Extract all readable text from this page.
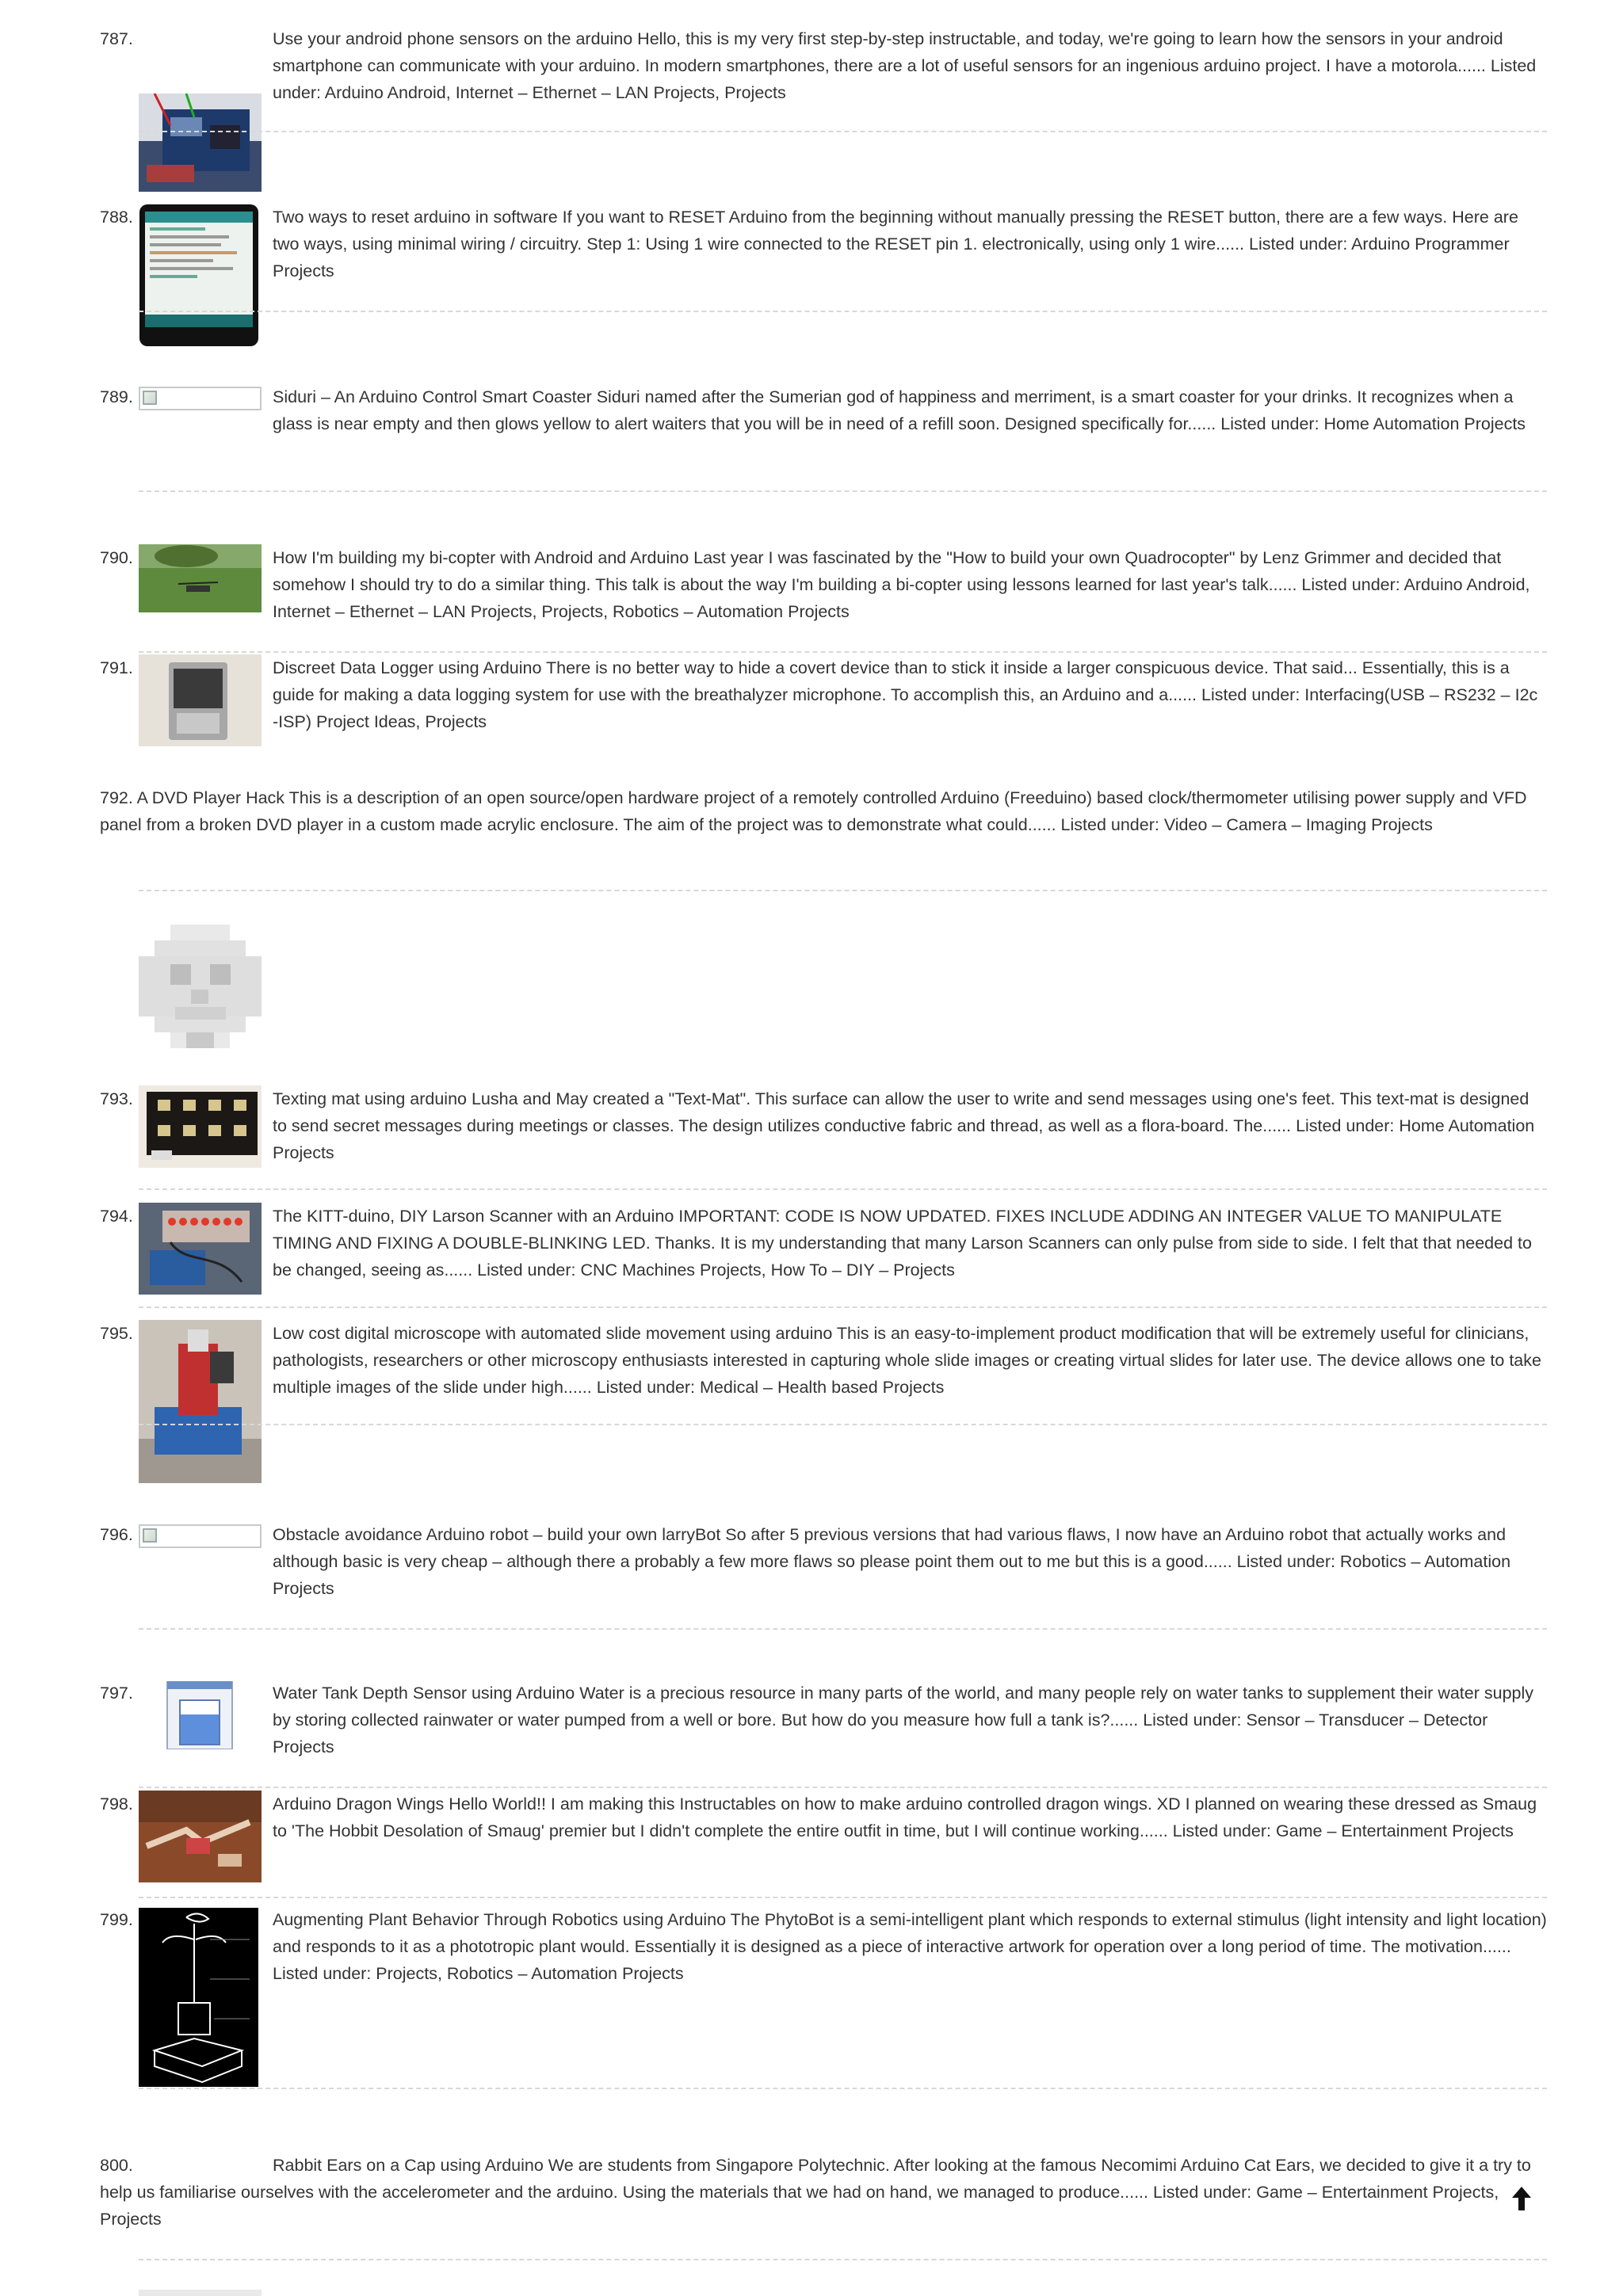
787.	Use your android phone sensors on the arduino Hello, this is my very first step-by-step instructable, and today, we're going to learn how the sensors in your android smartphone can communicate with your arduino. In modern smartphones, there are a lot of useful sensors for an ingenious arduino project. I have a motorola...... Listed under: Arduino Android, Internet – Ethernet – LAN Projects, Projects

788.	Two ways to reset arduino in software If you want to RESET Arduino from the beginning without manually pressing the RESET button, there are a few ways. Here are two ways, using minimal wiring / circuitry. Step 1: Using 1 wire connected to the RESET pin 1. electronically, using only 1 wire...... Listed under: Arduino Programmer Projects

789.	Siduri – An Arduino Control Smart Coaster Siduri named after the Sumerian god of happiness and merriment, is a smart coaster for your drinks. It recognizes when a glass is near empty and then glows yellow to alert waiters that you will be in need of a refill soon. Designed specifically for...... Listed under: Home Automation Projects

790.	How I'm building my bi-copter with Android and Arduino Last year I was fascinated by the "How to build your own Quadrocopter" by Lenz Grimmer and decided that somehow I should try to do a similar thing. This talk is about the way I'm building a bi-copter using lessons learned for last year's talk...... Listed under: Arduino Android, Internet – Ethernet – LAN Projects, Projects, Robotics – Automation Projects

791.	Discreet Data Logger using Arduino There is no better way to hide a covert device than to stick it inside a larger conspicuous device. That said... Essentially, this is a guide for making a data logging system for use with the breathalyzer microphone. To accomplish this, an Arduino and a...... Listed under: Interfacing(USB – RS232 – I2c -ISP) Project Ideas, Projects

792. A DVD Player Hack This is a description of an open source/open hardware project of a remotely controlled Arduino (Freeduino) based clock/thermometer utilising power supply and VFD panel from a broken DVD player in a custom made acrylic enclosure. The aim of the project was to demonstrate what could...... Listed under: Video – Camera – Imaging Projects

793.	Texting mat using arduino Lusha and May created a "Text-Mat". This surface can allow the user to write and send messages using one's feet. This text-mat is designed to send secret messages during meetings or classes. The design utilizes conductive fabric and thread, as well as a flora-board. The...... Listed under: Home Automation Projects

794.	The KITT-duino, DIY Larson Scanner with an Arduino IMPORTANT: CODE IS NOW UPDATED. FIXES INCLUDE ADDING AN INTEGER VALUE TO MANIPULATE TIMING AND FIXING A DOUBLE-BLINKING LED. Thanks. It is my understanding that many Larson Scanners can only pulse from side to side. I felt that that needed to be changed, seeing as...... Listed under: CNC Machines Projects, How To – DIY – Projects

795.	Low cost digital microscope with automated slide movement using arduino This is an easy-to-implement product modification that will be extremely useful for clinicians, pathologists, researchers or other microscopy enthusiasts interested in capturing whole slide images or creating virtual slides for later use. The device allows one to take multiple images of the slide under high...... Listed under: Medical – Health based Projects

796.	Obstacle avoidance Arduino robot – build your own larryBot So after 5 previous versions that had various flaws, I now have an Arduino robot that actually works and although basic is very cheap – although there a probably a few more flaws so please point them out to me but this is a good...... Listed under: Robotics – Automation Projects

797.	Water Tank Depth Sensor using Arduino Water is a precious resource in many parts of the world, and many people rely on water tanks to supplement their water supply by storing collected rainwater or water pumped from a well or bore. But how do you measure how full a tank is?...... Listed under: Sensor – Transducer – Detector Projects

798.	Arduino Dragon Wings Hello World!! I am making this Instructables on how to make arduino controlled dragon wings. XD I planned on wearing these dressed as Smaug to 'The Hobbit Desolation of Smaug' premier but I didn't complete the entire outfit in time, but I will continue working...... Listed under: Game – Entertainment Projects

799.	Augmenting Plant Behavior Through Robotics using Arduino The PhytoBot is a semi-intelligent plant which responds to external stimulus (light intensity and light location) and responds to it as a phototropic plant would. Essentially it is designed as a piece of interactive artwork for operation over a long period of time. The motivation...... Listed under: Projects, Robotics – Automation Projects

800.	Rabbit Ears on a Cap using Arduino We are students from Singapore Polytechnic. After looking at the famous Necomimi Arduino Cat Ears, we decided to give it a try to help us familiarise ourselves with the accelerometer and the arduino. Using the materials that we had on hand, we managed to produce...... Listed under: Game – Entertainment Projects, Projects
